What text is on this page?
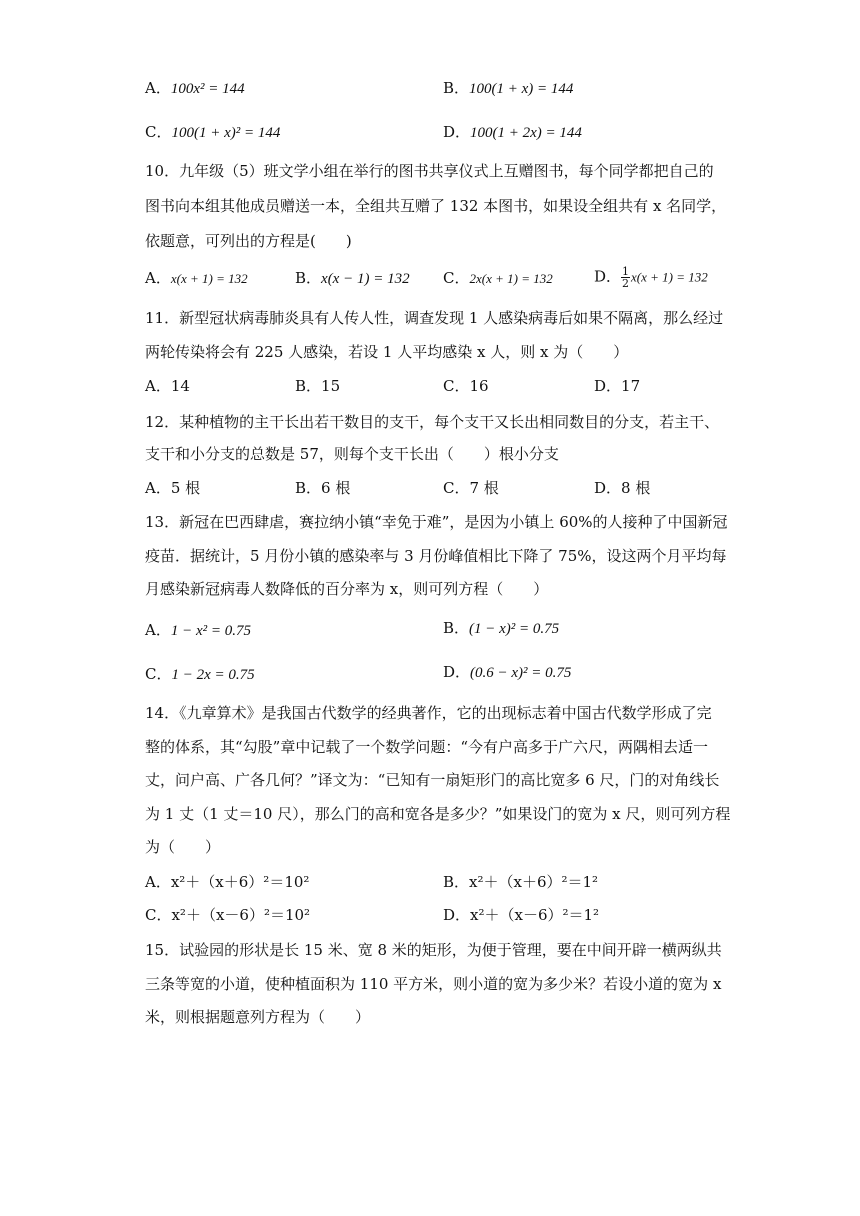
A．100x² = 144	B．100(1 + x) = 144
C．100(1 + x)² = 144	D．100(1 + 2x) = 144
10．九年级（5）班文学小组在举行的图书共享仪式上互赠图书，每个同学都把自己的
图书向本组其他成员赠送一本，全组共互赠了 132 本图书，如果设全组共有 x 名同学，
依题意，可列出的方程是(　　)
A．x(x + 1) = 132	B．x(x − 1) = 132 C．2x(x + 1) = 132	D． $\frac{1}{2} x(x + 1) = 132$
11．新型冠状病毒肺炎具有人传人性，调查发现 1 人感染病毒后如果不隔离，那么经过
两轮传染将会有 225 人感染，若设 1 人平均感染 x 人，则 x 为（　　）
A．14	B．15	C．16	D．17
12．某种植物的主干长出若干数目的支干，每个支干又长出相同数目的分支，若主干、
支干和小分支的总数是 57，则每个支干长出（　　）根小分支
A．5 根	B．6 根	C．7 根	D．8 根
13．新冠在巴西肆虐，赛拉纳小镇“幸免于难”，是因为小镇上 60%的人接种了中国新冠
疫苗．据统计，5 月份小镇的感染率与 3 月份峰值相比下降了 75%，设这两个月平均每
月感染新冠病毒人数降低的百分率为 x，则可列方程（　　）
A．1 − x² = 0.75	B．(1 − x)² = 0.75
C．1 − 2x = 0.75	D．(0.6 − x)² = 0.75
14．《九章算术》是我国古代数学的经典著作，它的出现标志着中国古代数学形成了完
整的体系，其“勾股”章中记载了一个数学问题：“今有户高多于广六尺，两隅相去适一
丈，问户高、广各几何？”译文为：“已知有一扇矩形门的高比宽多 6 尺，门的对角线长
为 1 丈（1 丈＝10 尺），那么门的高和宽各是多少？”如果设门的宽为 x 尺，则可列方程
为（　　）
A．x²＋（x＋6）²＝10²	B．x²＋（x＋6）²＝1²
C．x²＋（x－6）²＝10²	D．x²＋（x－6）²＝1²
15．试验园的形状是长 15 米、宽 8 米的矩形，为便于管理，要在中间开辟一横两纵共
三条等宽的小道，使种植面积为 110 平方米，则小道的宽为多少米？若设小道的宽为 x
米，则根据题意列方程为（　　）
